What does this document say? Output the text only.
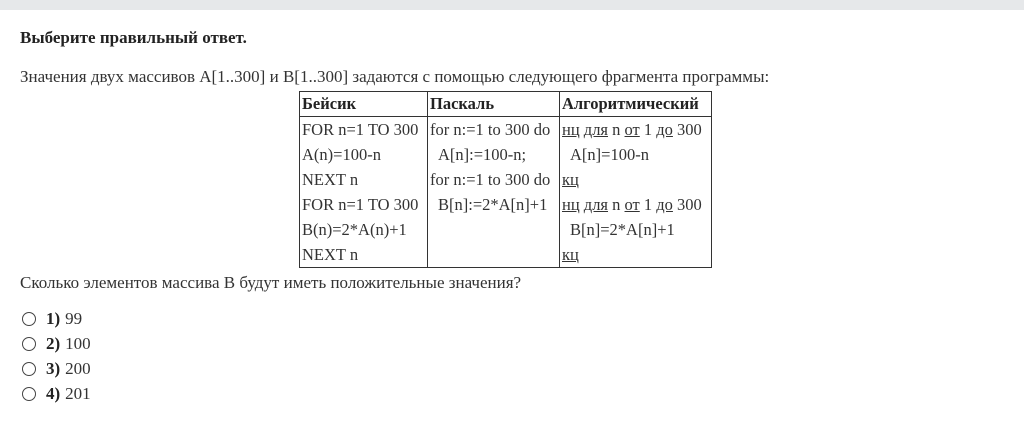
Выберите правильный ответ.
Значения двух массивов A[1..300] и B[1..300] задаются с помощью следующего фрагмента программы:
Бейсик	Паскаль	Алгоритмический
FOR n=1 TO 300	for n:=1 to 300 do	нц для n от 1 до 300
A(n)=100-n	A[n]:=100-n;	A[n]=100-n
NEXT n	for n:=1 to 300 do	кц
FOR n=1 TO 300	B[n]:=2*A[n]+1	нц для n от 1 до 300
B(n)=2*A(n)+1		B[n]=2*A[n]+1
NEXT n		кц
Сколько элементов массива B будут иметь положительные значения?
1) 99
2) 100
3) 200
4) 201
